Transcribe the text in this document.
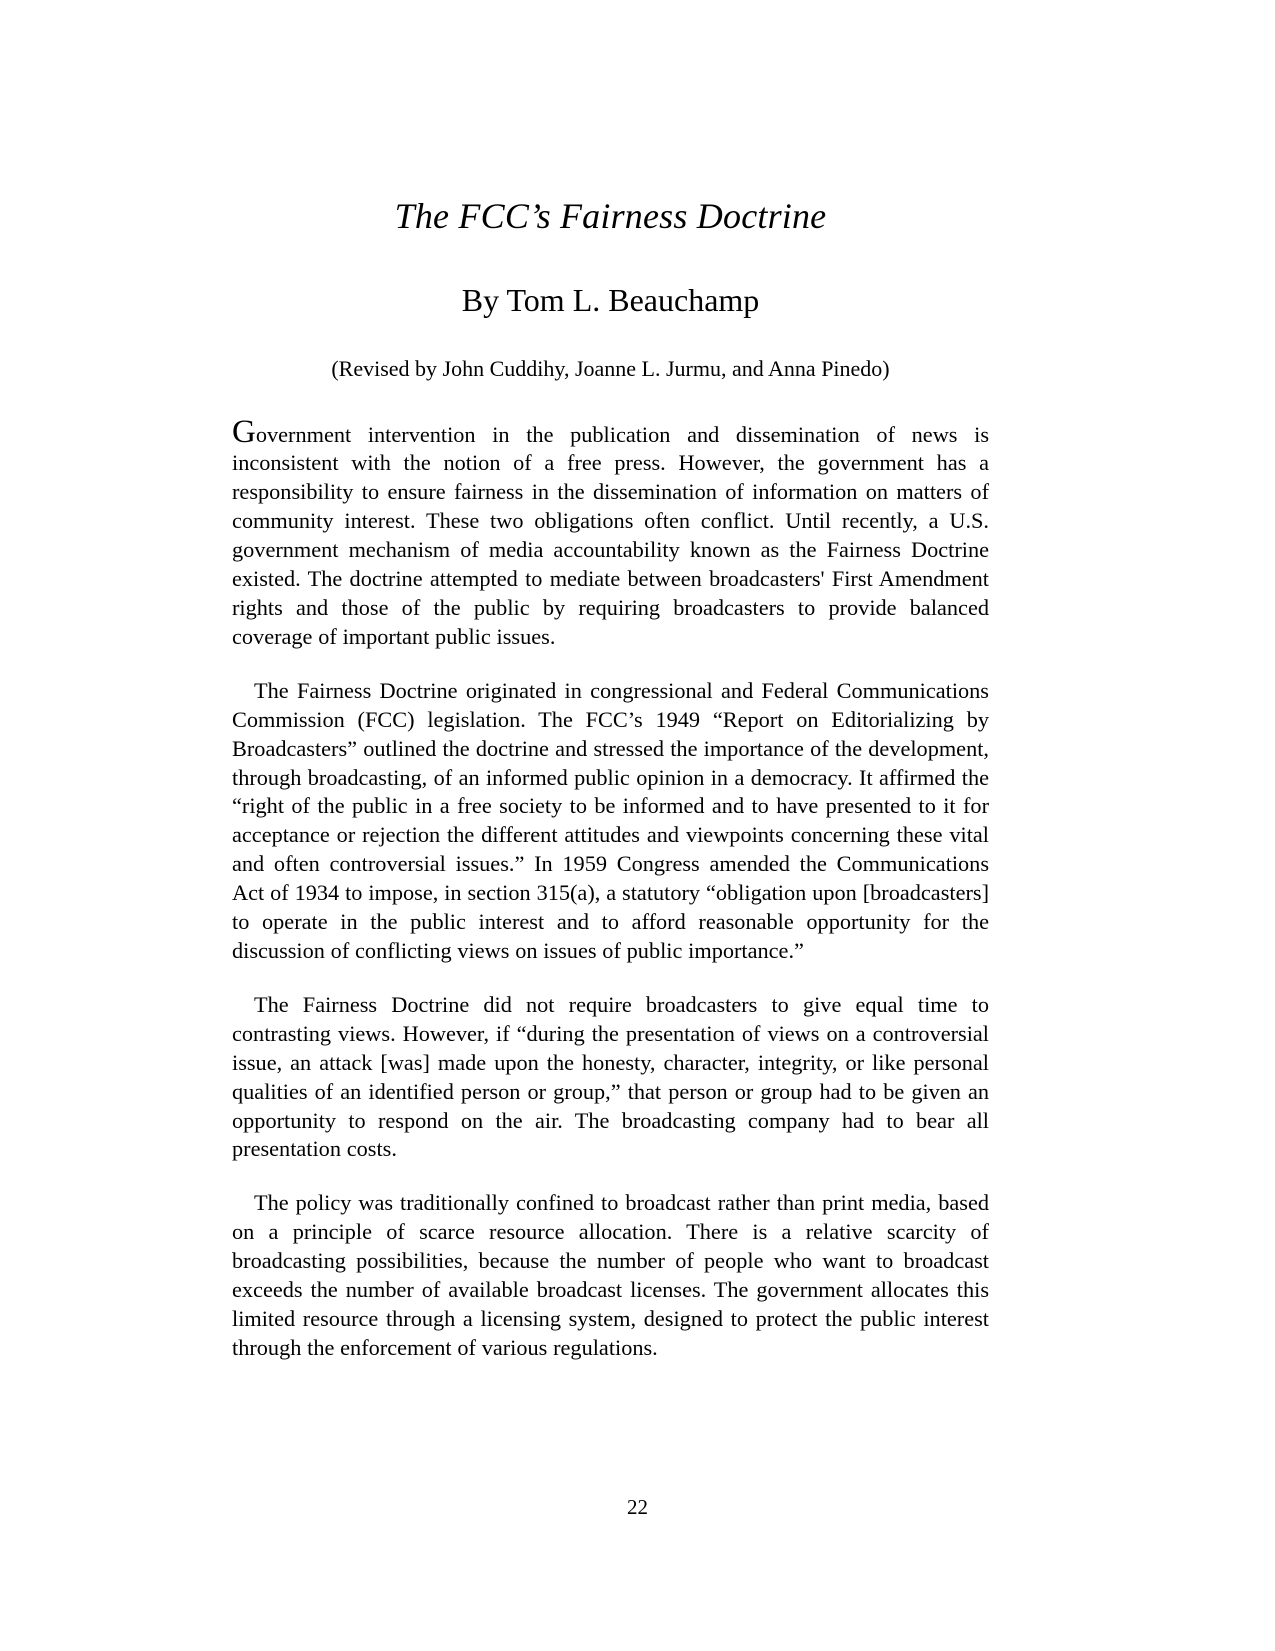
The FCC’s Fairness Doctrine
By Tom L. Beauchamp
(Revised by John Cuddihy, Joanne L. Jurmu, and Anna Pinedo)

Government intervention in the publication and dissemination of news is inconsistent with the notion of a free press. However, the government has a responsibility to ensure fairness in the dissemination of information on matters of community interest. These two obligations often conflict. Until recently, a U.S. government mechanism of media accountability known as the Fairness Doctrine existed. The doctrine attempted to mediate between broadcasters' First Amendment rights and those of the public by requiring broadcasters to provide balanced coverage of important public issues.

The Fairness Doctrine originated in congressional and Federal Communications Commission (FCC) legislation. The FCC’s 1949 “Report on Editorializing by Broadcasters” outlined the doctrine and stressed the importance of the development, through broadcasting, of an informed public opinion in a democracy. It affirmed the “right of the public in a free society to be informed and to have presented to it for acceptance or rejection the different attitudes and viewpoints concerning these vital and often controversial issues.” In 1959 Congress amended the Communications Act of 1934 to impose, in section 315(a), a statutory “obligation upon [broadcasters] to operate in the public interest and to afford reasonable opportunity for the discussion of conflicting views on issues of public importance.”

The Fairness Doctrine did not require broadcasters to give equal time to contrasting views. However, if “during the presentation of views on a controversial issue, an attack [was] made upon the honesty, character, integrity, or like personal qualities of an identified person or group,” that person or group had to be given an opportunity to respond on the air. The broadcasting company had to bear all presentation costs.

The policy was traditionally confined to broadcast rather than print media, based on a principle of scarce resource allocation. There is a relative scarcity of broadcasting possibilities, because the number of people who want to broadcast exceeds the number of available broadcast licenses. The government allocates this limited resource through a licensing system, designed to protect the public interest through the enforcement of various regulations.

22
